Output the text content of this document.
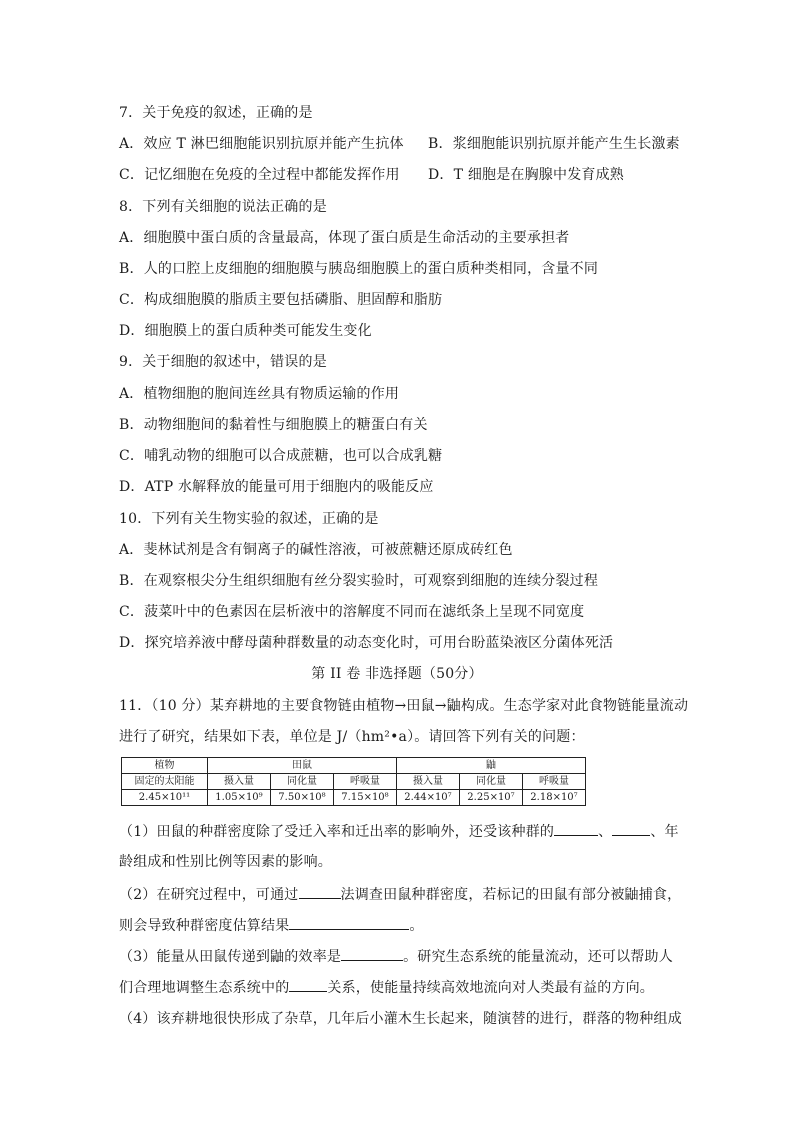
7．关于免疫的叙述，正确的是
A．效应 T 淋巴细胞能识别抗原并能产生抗体 B．浆细胞能识别抗原并能产生生长激素
C．记忆细胞在免疫的全过程中都能发挥作用 D．T 细胞是在胸腺中发育成熟
8．下列有关细胞的说法正确的是
A．细胞膜中蛋白质的含量最高，体现了蛋白质是生命活动的主要承担者
B．人的口腔上皮细胞的细胞膜与胰岛细胞膜上的蛋白质种类相同，含量不同
C．构成细胞膜的脂质主要包括磷脂、胆固醇和脂肪
D．细胞膜上的蛋白质种类可能发生变化
9．关于细胞的叙述中，错误的是
A．植物细胞的胞间连丝具有物质运输的作用
B．动物细胞间的黏着性与细胞膜上的糖蛋白有关
C．哺乳动物的细胞可以合成蔗糖，也可以合成乳糖
D．ATP 水解释放的能量可用于细胞内的吸能反应
10．下列有关生物实验的叙述，正确的是
A．斐林试剂是含有铜离子的碱性溶液，可被蔗糖还原成砖红色
B．在观察根尖分生组织细胞有丝分裂实验时，可观察到细胞的连续分裂过程
C．菠菜叶中的色素因在层析液中的溶解度不同而在滤纸条上呈现不同宽度
D．探究培养液中酵母菌种群数量的动态变化时，可用台盼蓝染液区分菌体死活
第 II 卷 非选择题（50分）
11．（10 分）某弃耕地的主要食物链由植物→田鼠→鼬构成。生态学家对此食物链能量流动
进行了研究，结果如下表，单位是 J/（hm²•a）。请回答下列有关的问题：
植物	田鼠			鼬		
固定的太阳能	摄入量	同化量	呼吸量	摄入量	同化量	呼吸量
2.45×10¹¹	1.05×10⁹	7.50×10⁸	7.15×10⁸	2.44×10⁷	2.25×10⁷	2.18×10⁷
（1）田鼠的种群密度除了受迁入率和迁出率的影响外，还受该种群的	、	、年
龄组成和性别比例等因素的影响。
（2）在研究过程中，可通过	法调查田鼠种群密度，若标记的田鼠有部分被鼬捕食，
则会导致种群密度估算结果	。
（3）能量从田鼠传递到鼬的效率是	。研究生态系统的能量流动，还可以帮助人
们合理地调整生态系统中的	关系，使能量持续高效地流向对人类最有益的方向。
（4）该弃耕地很快形成了杂草，几年后小灌木生长起来，随演替的进行，群落的物种组成
